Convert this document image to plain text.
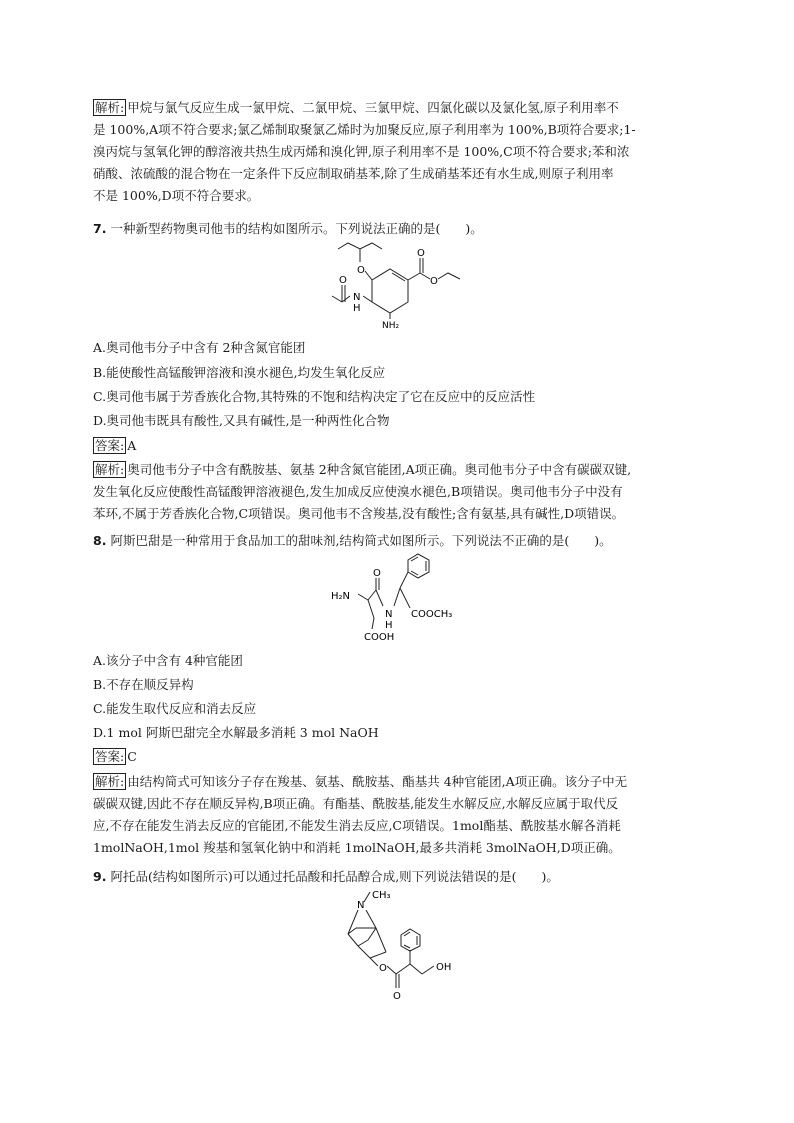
解析: 甲烷与氯气反应生成一氯甲烷、二氯甲烷、三氯甲烷、四氯化碳以及氯化氢,原子利用率不
是 100%,A项不符合要求;氯乙烯制取聚氯乙烯时为加聚反应,原子利用率为 100%,B项符合要求;1-
溴丙烷与氢氧化钾的醇溶液共热生成丙烯和溴化钾,原子利用率不是 100%,C项不符合要求;苯和浓
硝酸、浓硫酸的混合物在一定条件下反应制取硝基苯,除了生成硝基苯还有水生成,则原子利用率
不是 100%,D项不符合要求。
7. 一种新型药物奥司他韦的结构如图所示。下列说法正确的是(　　)。
O
O
O
O
N
H
NH₂
A.奥司他韦分子中含有 2种含氮官能团
B.能使酸性高锰酸钾溶液和溴水褪色,均发生氧化反应
C.奥司他韦属于芳香族化合物,其特殊的不饱和结构决定了它在反应中的反应活性
D.奥司他韦既具有酸性,又具有碱性,是一种两性化合物
答案: A
解析: 奥司他韦分子中含有酰胺基、氨基 2种含氮官能团,A项正确。奥司他韦分子中含有碳碳双键,
发生氧化反应使酸性高锰酸钾溶液褪色,发生加成反应使溴水褪色,B项错误。奥司他韦分子中没有
苯环,不属于芳香族化合物,C项错误。奥司他韦不含羧基,没有酸性;含有氨基,具有碱性,D项错误。
8. 阿斯巴甜是一种常用于食品加工的甜味剂,结构简式如图所示。下列说法不正确的是(　　)。
O
H₂N
N
H
COOCH₃
COOH
A.该分子中含有 4种官能团
B.不存在顺反异构
C.能发生取代反应和消去反应
D.1 mol 阿斯巴甜完全水解最多消耗 3 mol NaOH
答案: C
解析: 由结构简式可知该分子存在羧基、氨基、酰胺基、酯基共 4种官能团,A项正确。该分子中无
碳碳双键,因此不存在顺反异构,B项正确。有酯基、酰胺基,能发生水解反应,水解反应属于取代反
应,不存在能发生消去反应的官能团,不能发生消去反应,C项错误。1mol酯基、酰胺基水解各消耗
1molNaOH,1mol 羧基和氢氧化钠中和消耗 1molNaOH,最多共消耗 3molNaOH,D项正确。
9. 阿托品(结构如图所示)可以通过托品酸和托品醇合成,则下列说法错误的是(　　)。
N
CH₃
O
O
OH
